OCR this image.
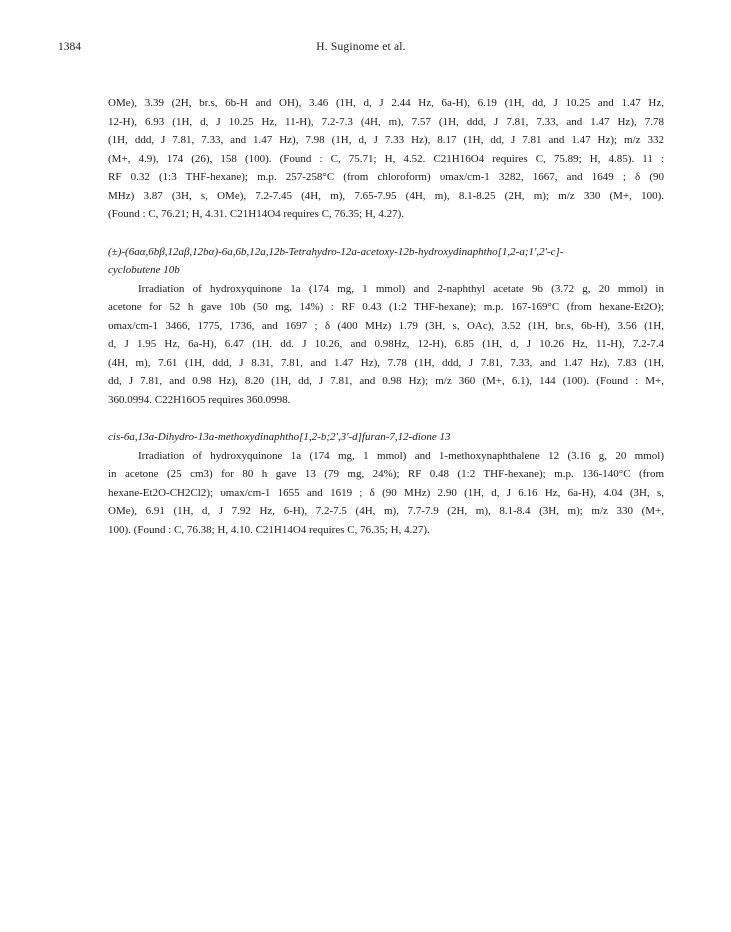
1384	H. Suginome et al.
OMe), 3.39 (2H, br.s, 6b-H and OH), 3.46 (1H, d, J 2.44 Hz, 6a-H), 6.19 (1H, dd, J 10.25 and 1.47 Hz,
12-H), 6.93 (1H, d, J 10.25 Hz, 11-H), 7.2-7.3 (4H, m), 7.57 (1H, ddd, J 7.81, 7.33, and 1.47 Hz), 7.78
(1H, ddd, J 7.81, 7.33, and 1.47 Hz), 7.98 (1H, d, J 7.33 Hz), 8.17 (1H, dd, J 7.81 and 1.47 Hz); m/z 332
(M+, 4.9), 174 (26), 158 (100). (Found : C, 75.71; H, 4.52. C21H16O4 requires C, 75.89; H, 4.85). 11 :
RF 0.32 (1:3 THF-hexane); m.p. 257-258°C (from chloroform) υmax/cm-1 3282, 1667, and 1649 ; δ (90
MHz) 3.87 (3H, s, OMe), 7.2-7.45 (4H, m), 7.65-7.95 (4H, m), 8.1-8.25 (2H, m); m/z 330 (M+, 100).
(Found : C, 76.21; H, 4.31. C21H14O4 requires C, 76.35; H, 4.27).
(±)-(6aα,6bβ,12aβ,12bα)-6a,6b,12a,12b-Tetrahydro-12a-acetoxy-12b-hydroxydinaphtho[1,2-a;1',2'-c]-
cyclobutene 10b
Irradiation of hydroxyquinone 1a (174 mg, 1 mmol) and 2-naphthyl acetate 9b (3.72 g, 20 mmol) in
acetone for 52 h gave 10b (50 mg, 14%) : RF 0.43 (1:2 THF-hexane); m.p. 167-169°C (from hexane-Et2O);
υmax/cm-1 3466, 1775, 1736, and 1697 ; δ (400 MHz) 1.79 (3H, s, OAc), 3.52 (1H, br.s, 6b-H), 3.56 (1H,
d, J 1.95 Hz, 6a-H), 6.47 (1H. dd. J 10.26, and 0.98Hz, 12-H), 6.85 (1H, d, J 10.26 Hz, 11-H), 7.2-7.4
(4H, m), 7.61 (1H, ddd, J 8.31, 7.81, and 1.47 Hz), 7.78 (1H, ddd, J 7.81, 7.33, and 1.47 Hz), 7.83 (1H,
dd, J 7.81, and 0.98 Hz), 8.20 (1H, dd, J 7.81, and 0.98 Hz); m/z 360 (M+, 6.1), 144 (100). (Found : M+,
360.0994. C22H16O5 requires 360.0998.
cis-6a,13a-Dihydro-13a-methoxydinaphtho[1,2-b;2',3'-d]furan-7,12-dione 13
Irradiation of hydroxyquinone 1a (174 mg, 1 mmol) and 1-methoxynaphthalene 12 (3.16 g, 20 mmol)
in acetone (25 cm3) for 80 h gave 13 (79 mg, 24%); RF 0.48 (1:2 THF-hexane); m.p. 136-140°C (from
hexane-Et2O-CH2Cl2); υmax/cm-1 1655 and 1619 ; δ (90 MHz) 2.90 (1H, d, J 6.16 Hz, 6a-H), 4.04 (3H, s,
OMe), 6.91 (1H, d, J 7.92 Hz, 6-H), 7.2-7.5 (4H, m), 7.7-7.9 (2H, m), 8.1-8.4 (3H, m); m/z 330 (M+,
100). (Found : C, 76.38; H, 4.10. C21H14O4 requires C, 76.35; H, 4.27).
